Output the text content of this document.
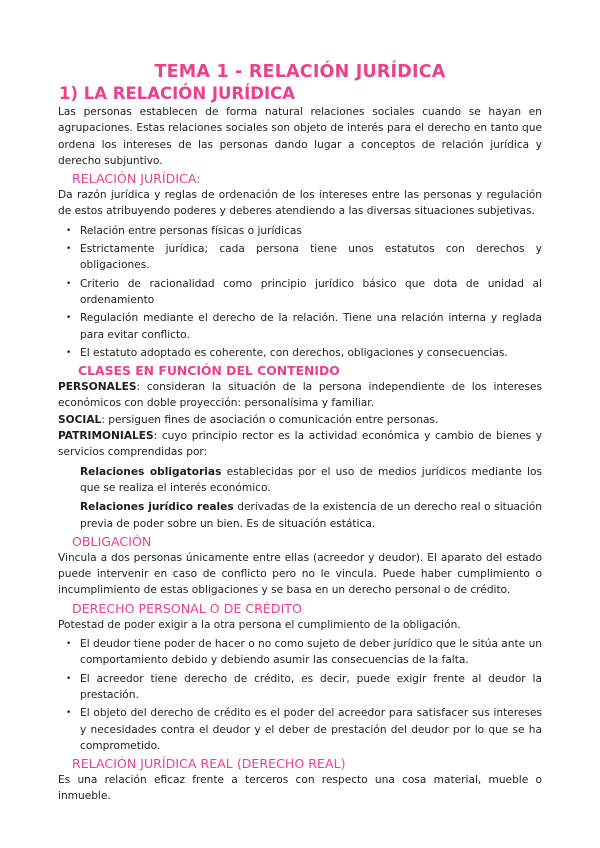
TEMA 1 - RELACIÓN JURÍDICA
1) LA RELACIÓN JURÍDICA

Las personas establecen de forma natural relaciones sociales cuando se hayan en agrupaciones. Estas relaciones sociales son objeto de interés para el derecho en tanto que ordena los intereses de las personas dando lugar a conceptos de relación jurídica y derecho subjuntivo.

RELACIÓN JURÍDICA:

Da razón jurídica y reglas de ordenación de los intereses entre las personas y regulación de estos atribuyendo poderes y deberes atendiendo a las diversas situaciones subjetivas.

• Relación entre personas físicas o jurídicas
• Estrictamente jurídica; cada persona tiene unos estatutos con derechos y obligaciones.
• Criterio de racionalidad como principio jurídico básico que dota de unidad al ordenamiento
• Regulación mediante el derecho de la relación. Tiene una relación interna y reglada para evitar conflicto.
• El estatuto adoptado es coherente, con derechos, obligaciones y consecuencias.
CLASES EN FUNCIÓN DEL CONTENIDO

PERSONALES: consideran la situación de la persona independiente de los intereses económicos con doble proyección: personalísima y familiar.

SOCIAL: persiguen fines de asociación o comunicación entre personas.

PATRIMONIALES: cuyo principio rector es la actividad económica y cambio de bienes y servicios comprendidas por:

Relaciones obligatorias establecidas por el uso de medios jurídicos mediante los que se realiza el interés económico.

Relaciones jurídico reales derivadas de la existencia de un derecho real o situación previa de poder sobre un bien. Es de situación estática.

OBLIGACIÓN

Vincula a dos personas únicamente entre ellas (acreedor y deudor). El aparato del estado puede intervenir en caso de conflicto pero no le vincula. Puede haber cumplimiento o incumplimiento de estas obligaciones y se basa en un derecho personal o de crédito.

DERECHO PERSONAL O DE CRÉDITO

Potestad de poder exigir a la otra persona el cumplimiento de la obligación.

• El deudor tiene poder de hacer o no como sujeto de deber jurídico que le sitúa ante un comportamiento debido y debiendo asumir las consecuencias de la falta.
• El acreedor tiene derecho de crédito, es decir, puede exigir frente al deudor la prestación.
• El objeto del derecho de crédito es el poder del acreedor para satisfacer sus intereses y necesidades contra el deudor y el deber de prestación del deudor por lo que se ha comprometido.
RELACIÓN JURÍDICA REAL (DERECHO REAL)

Es una relación eficaz frente a terceros con respecto una cosa material, mueble o inmueble.
